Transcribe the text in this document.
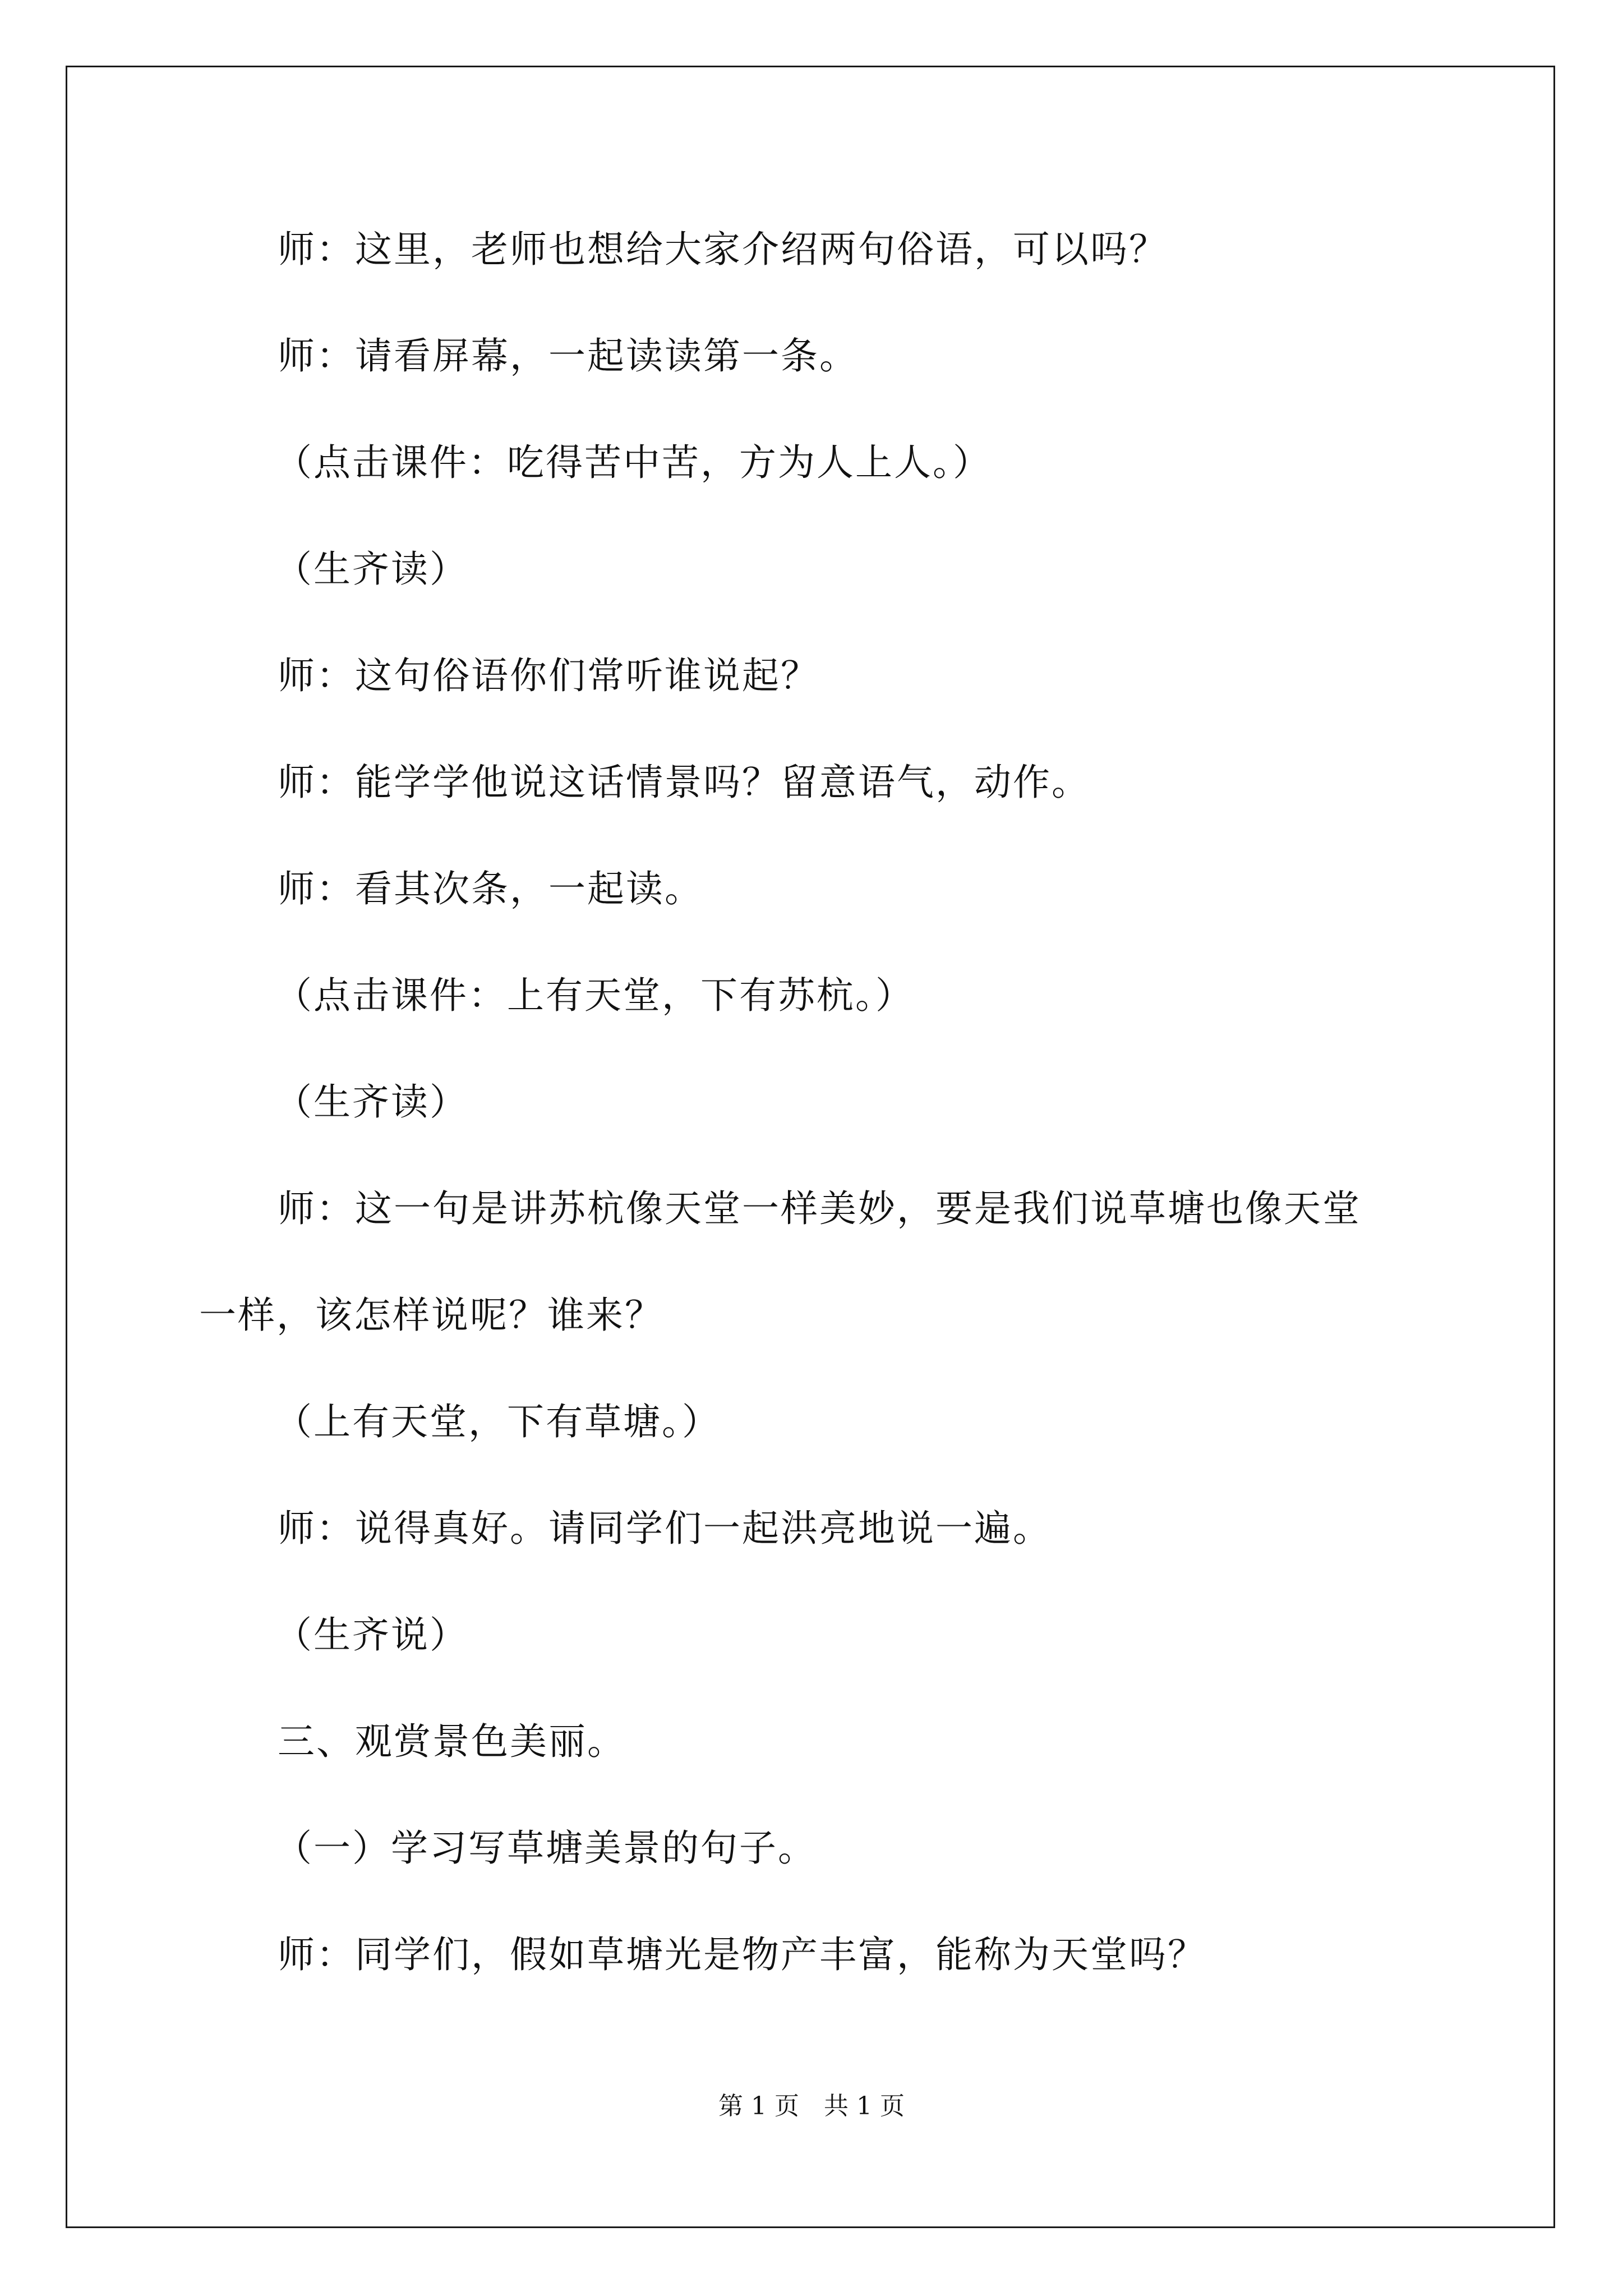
师：这里，老师也想给大家介绍两句俗语，可以吗？
师：请看屏幕，一起读读第一条。
（点击课件：吃得苦中苦，方为人上人。）
（生齐读）
师：这句俗语你们常听谁说起？
师：能学学他说这话情景吗？留意语气，动作。
师：看其次条，一起读。
（点击课件：上有天堂，下有苏杭。）
（生齐读）
师：这一句是讲苏杭像天堂一样美妙，要是我们说草塘也像天堂
一样，该怎样说呢？谁来？
（上有天堂，下有草塘。）
师：说得真好。请同学们一起洪亮地说一遍。
（生齐说）
三、观赏景色美丽。
（一）学习写草塘美景的句子。
师：同学们，假如草塘光是物产丰富，能称为天堂吗？
第 1 页　共 1 页
